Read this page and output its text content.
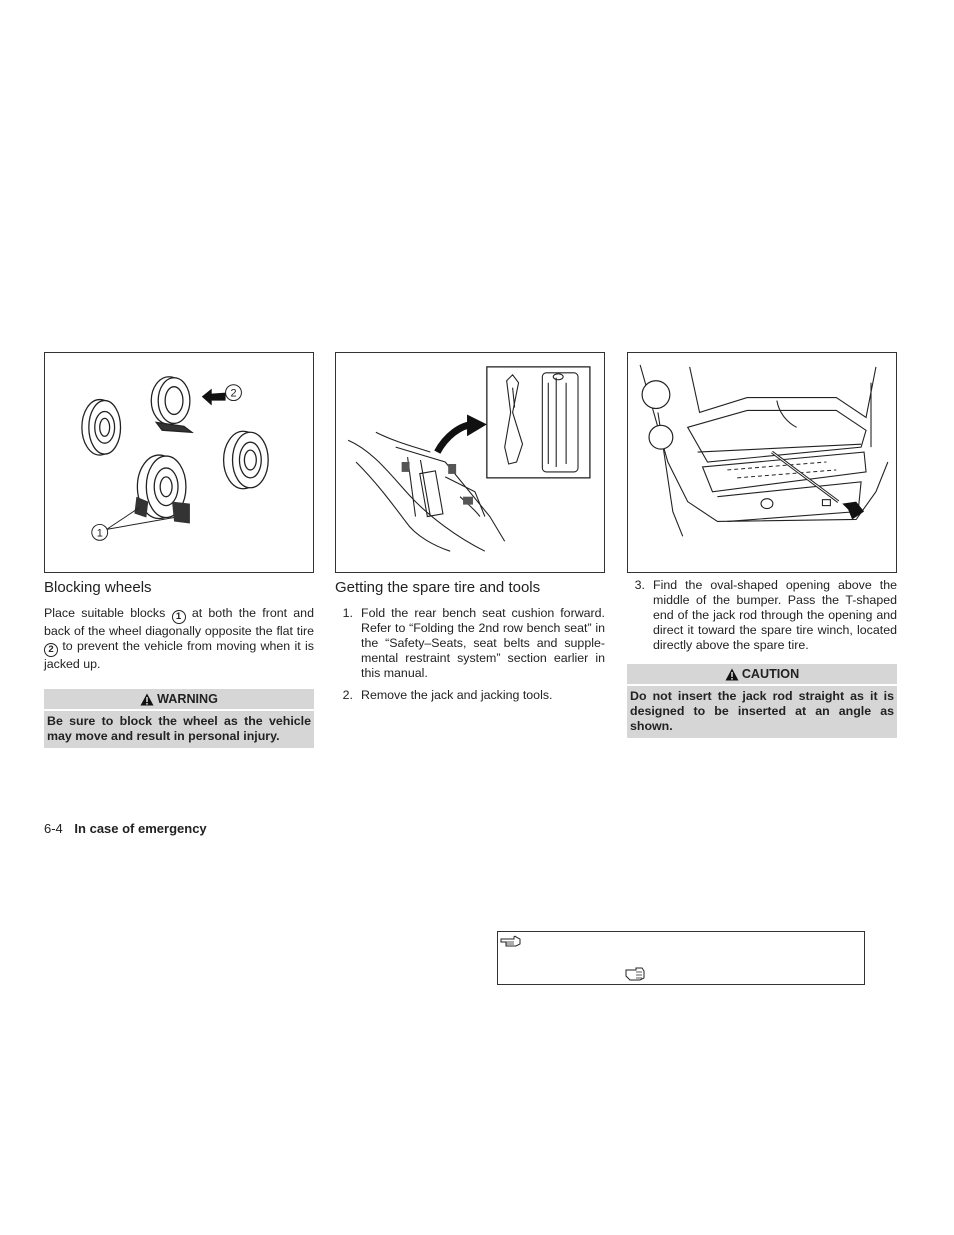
2
1
Blocking wheels

Place suitable blocks 1 at both the front and back of the wheel diagonally opposite the flat tire 2 to prevent the vehicle from moving when it is jacked up.

WARNING
Be sure to block the wheel as the vehicle may move and result in personal injury.
Getting the spare tire and tools
1. Fold the rear bench seat cushion forward. Refer to “Folding the 2nd row bench seat” in the “Safety–Seats, seat belts and supple-mental restraint system” section earlier in this manual.
2. Remove the jack and jacking tools.
3. Find the oval-shaped opening above the middle of the bumper. Pass the T-shaped end of the jack rod through the opening and direct it toward the spare tire winch, located directly above the spare tire.
CAUTION
Do not insert the jack rod straight as it is designed to be inserted at an angle as shown.
6-4 In case of emergency
